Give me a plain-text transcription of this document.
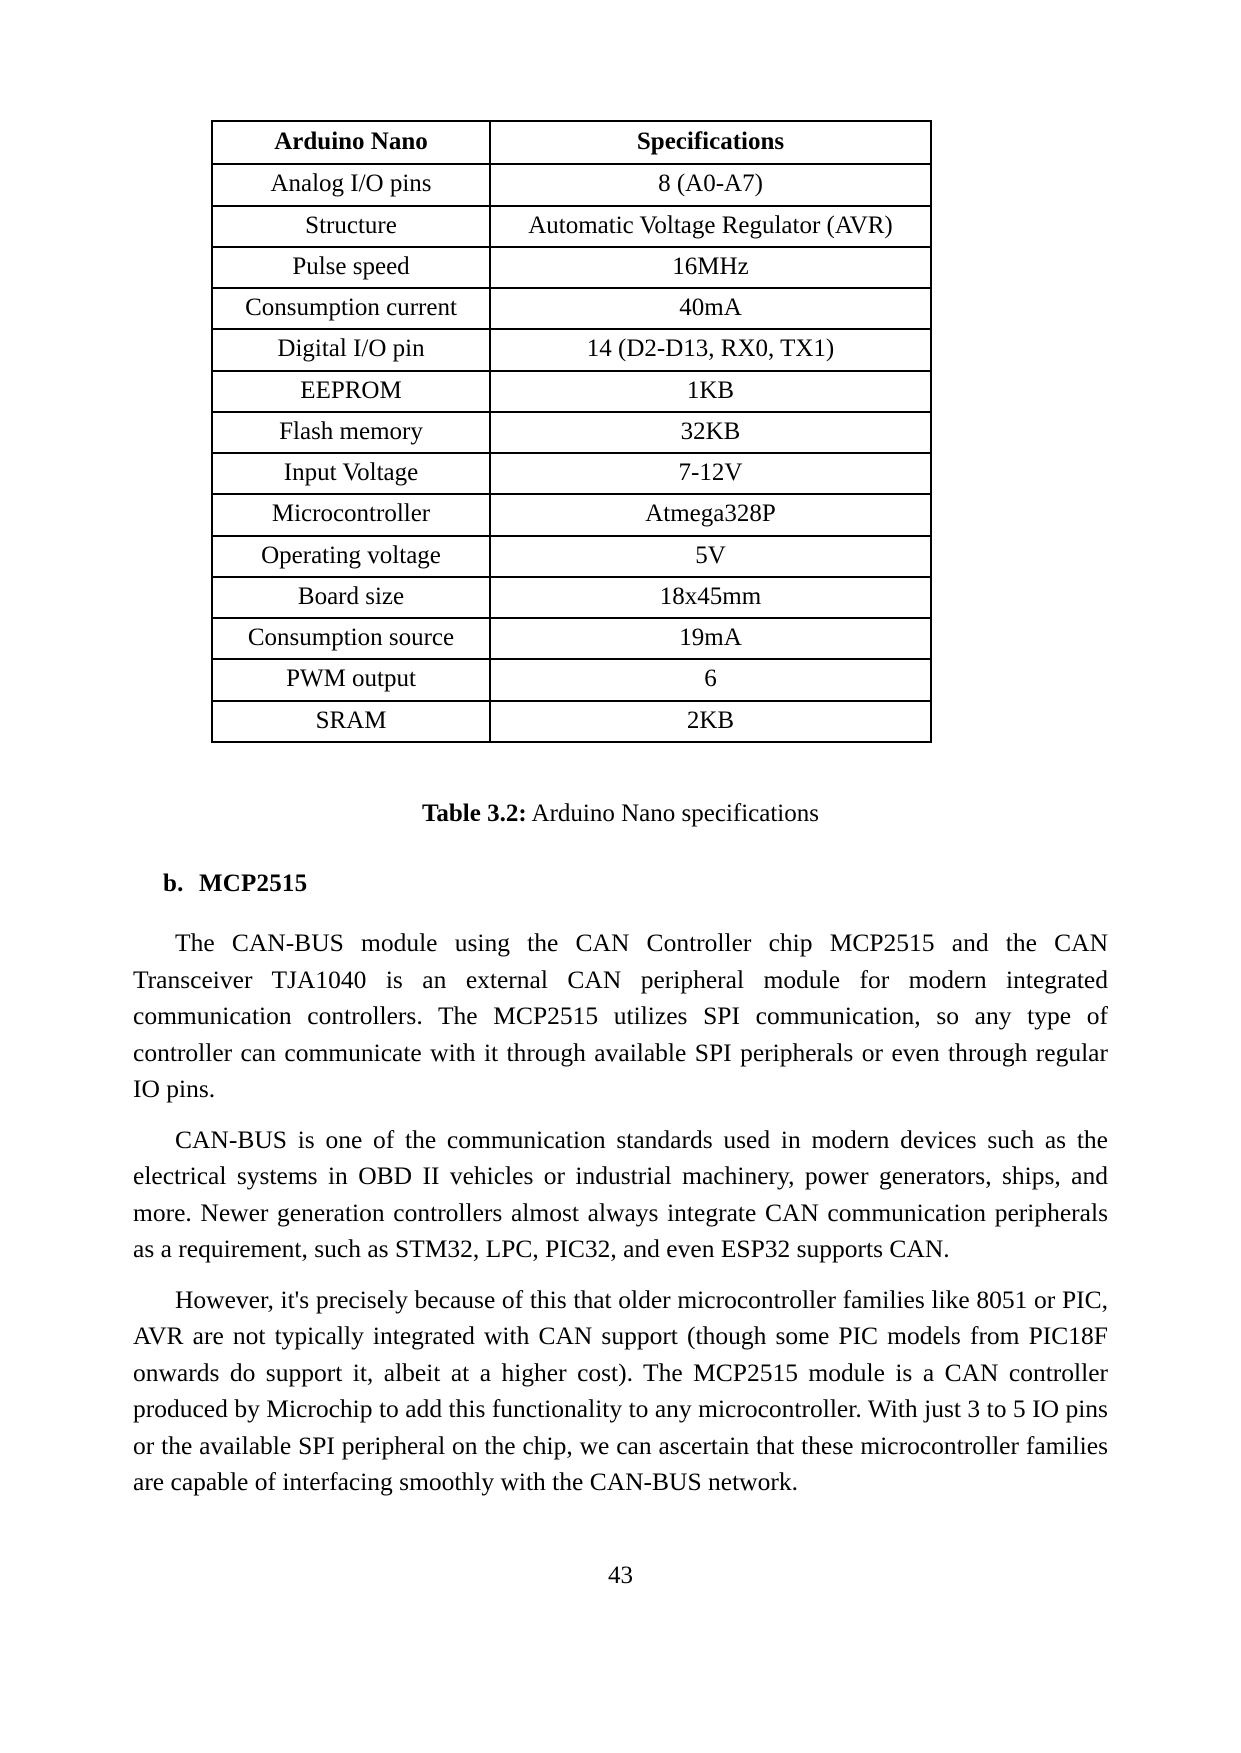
Arduino Nano	Specifications
Analog I/O pins	8 (A0-A7)
Structure	Automatic Voltage Regulator (AVR)
Pulse speed	16MHz
Consumption current	40mA
Digital I/O pin	14 (D2-D13, RX0, TX1)
EEPROM	1KB
Flash memory	32KB
Input Voltage	7-12V
Microcontroller	Atmega328P
Operating voltage	5V
Board size	18x45mm
Consumption source	19mA
PWM output	6
SRAM	2KB
Table 3.2: Arduino Nano specifications
b. MCP2515

The CAN-BUS module using the CAN Controller chip MCP2515 and the CAN Transceiver TJA1040 is an external CAN peripheral module for modern integrated communication controllers. The MCP2515 utilizes SPI communication, so any type of controller can communicate with it through available SPI peripherals or even through regular IO pins.

CAN-BUS is one of the communication standards used in modern devices such as the electrical systems in OBD II vehicles or industrial machinery, power generators, ships, and more. Newer generation controllers almost always integrate CAN communication peripherals as a requirement, such as STM32, LPC, PIC32, and even ESP32 supports CAN.

However, it's precisely because of this that older microcontroller families like 8051 or PIC, AVR are not typically integrated with CAN support (though some PIC models from PIC18F onwards do support it, albeit at a higher cost). The MCP2515 module is a CAN controller produced by Microchip to add this functionality to any microcontroller. With just 3 to 5 IO pins or the available SPI peripheral on the chip, we can ascertain that these microcontroller families are capable of interfacing smoothly with the CAN-BUS network.

43
